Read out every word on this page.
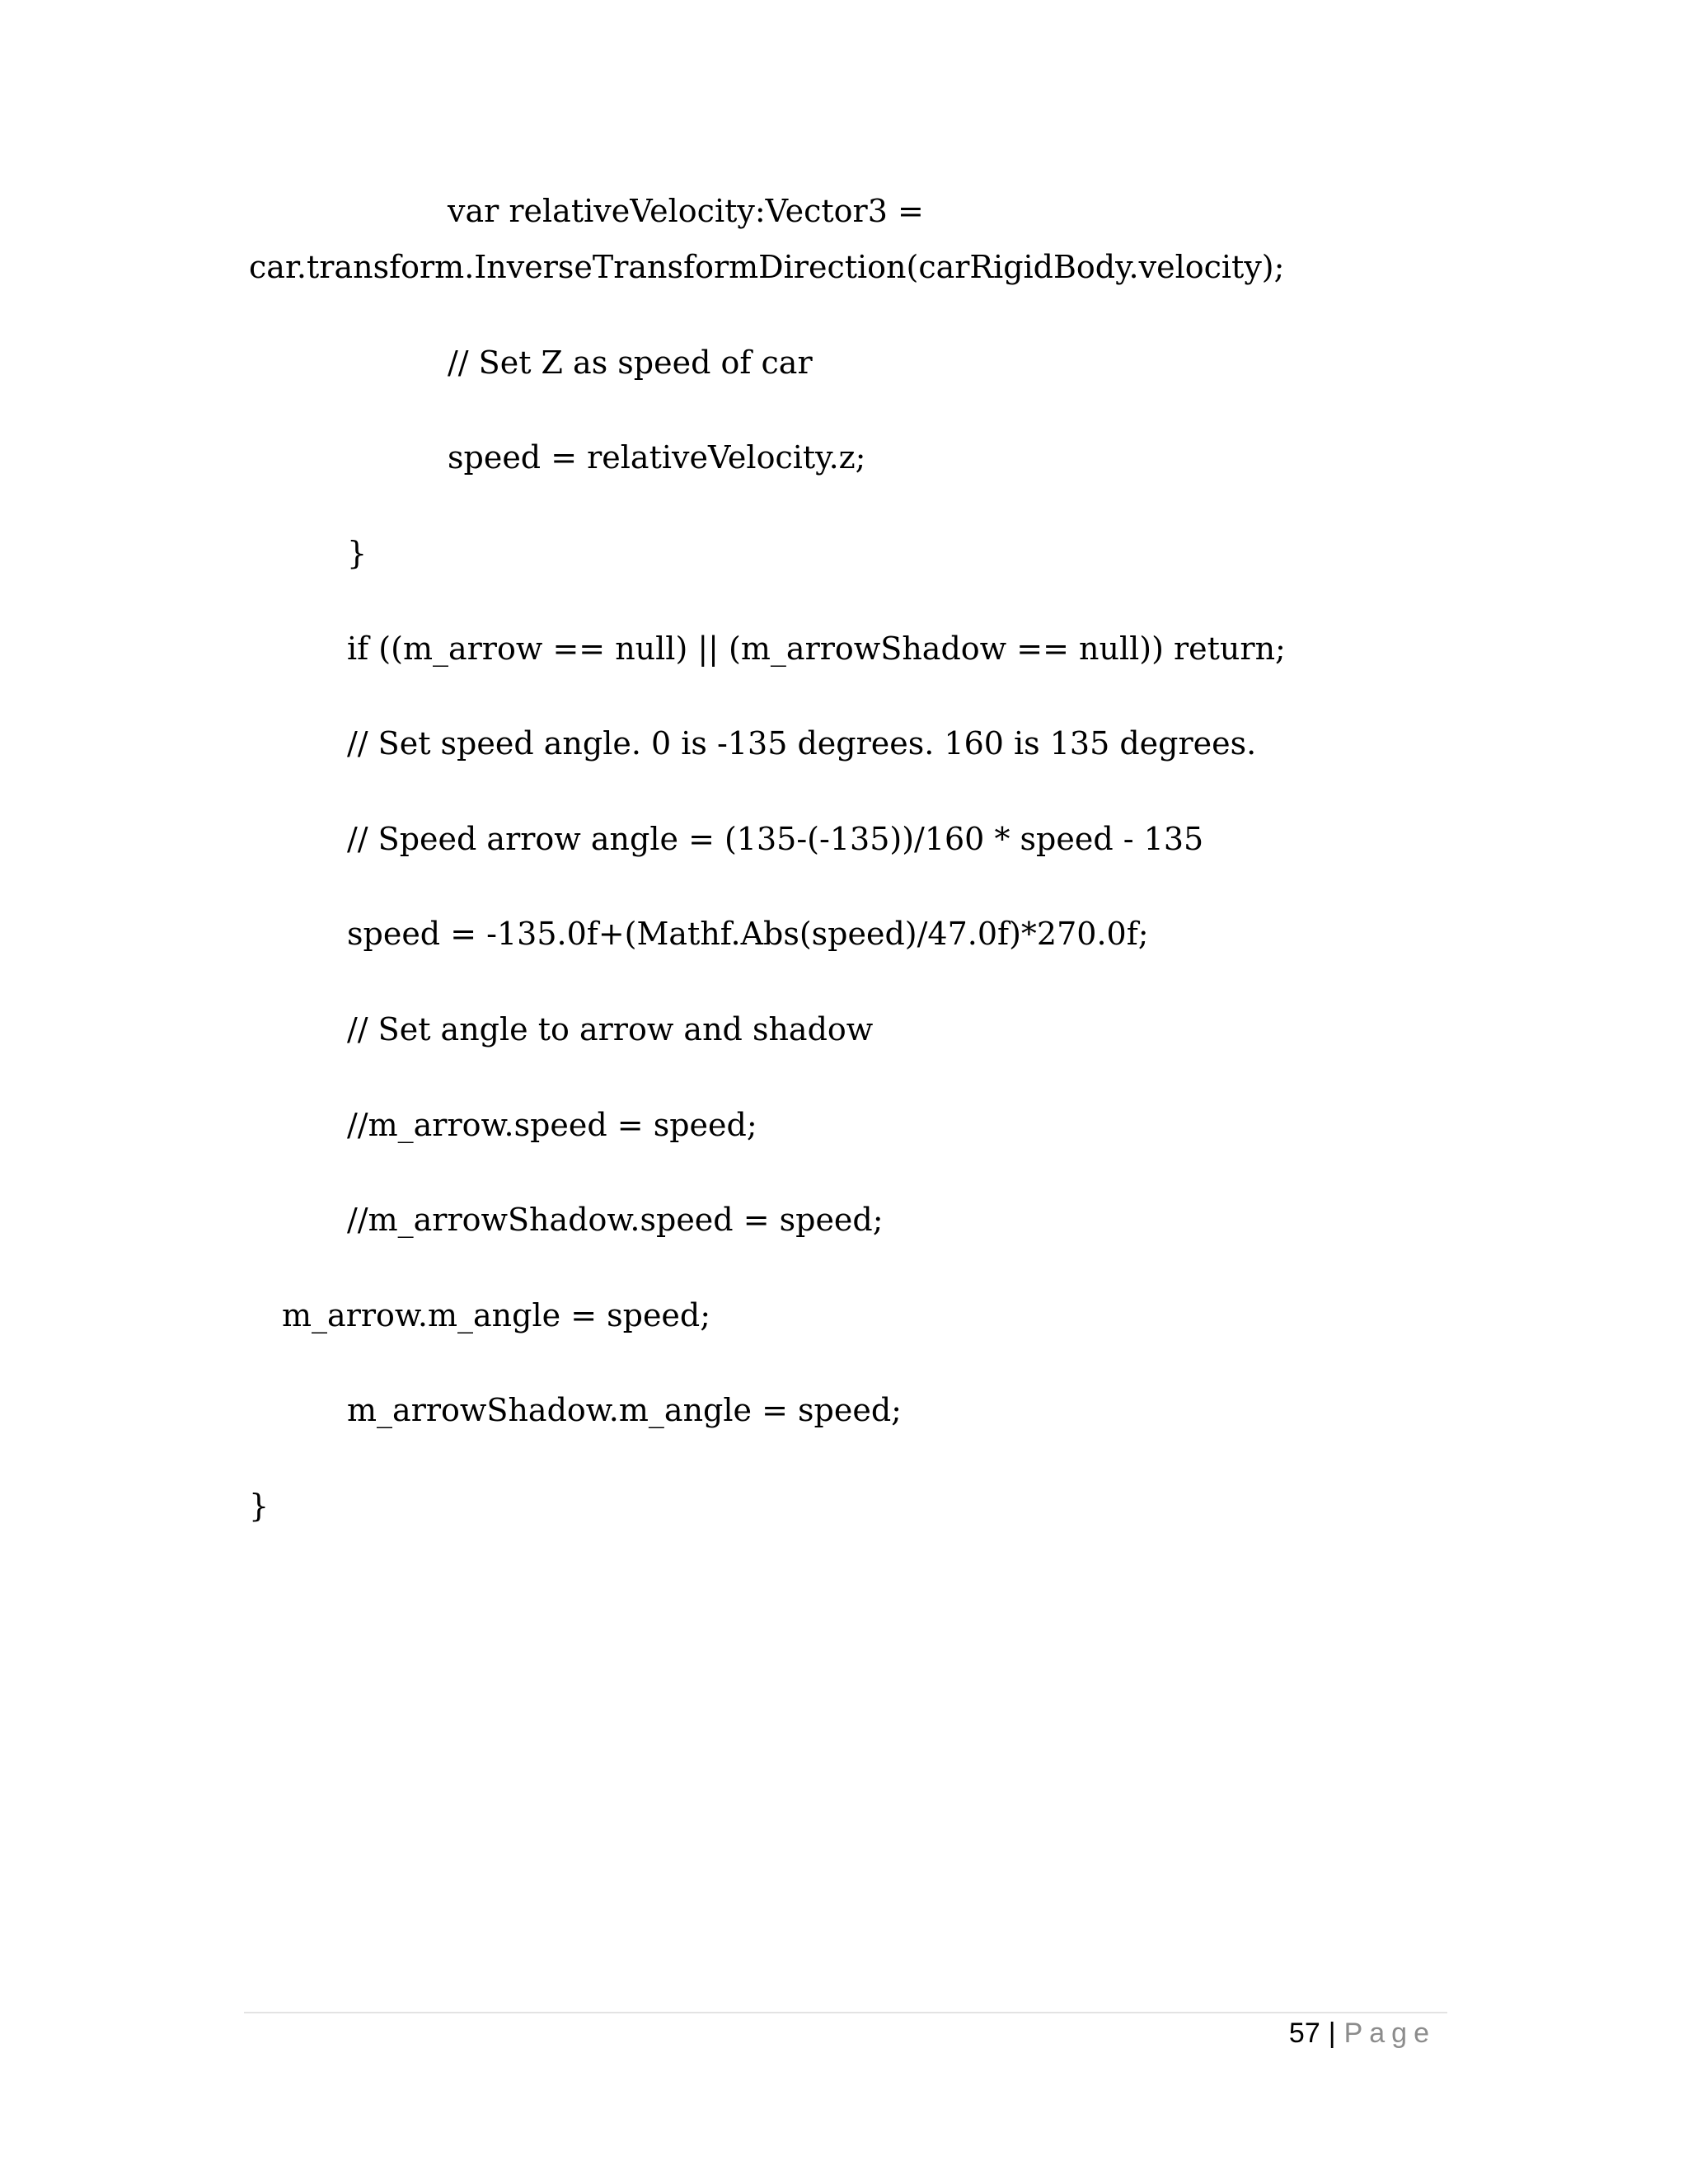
var relativeVelocity:Vector3 =
car.transform.InverseTransformDirection(carRigidBody.velocity);
// Set Z as speed of car
speed = relativeVelocity.z;
}
if ((m_arrow == null) || (m_arrowShadow == null)) return;
// Set speed angle. 0 is -135 degrees. 160 is 135 degrees.
// Speed arrow angle = (135-(-135))/160 * speed - 135
speed = -135.0f+(Mathf.Abs(speed)/47.0f)*270.0f;
// Set angle to arrow and shadow
//m_arrow.speed = speed;
//m_arrowShadow.speed = speed;
m_arrow.m_angle = speed;
m_arrowShadow.m_angle = speed;
}
57 | Page
